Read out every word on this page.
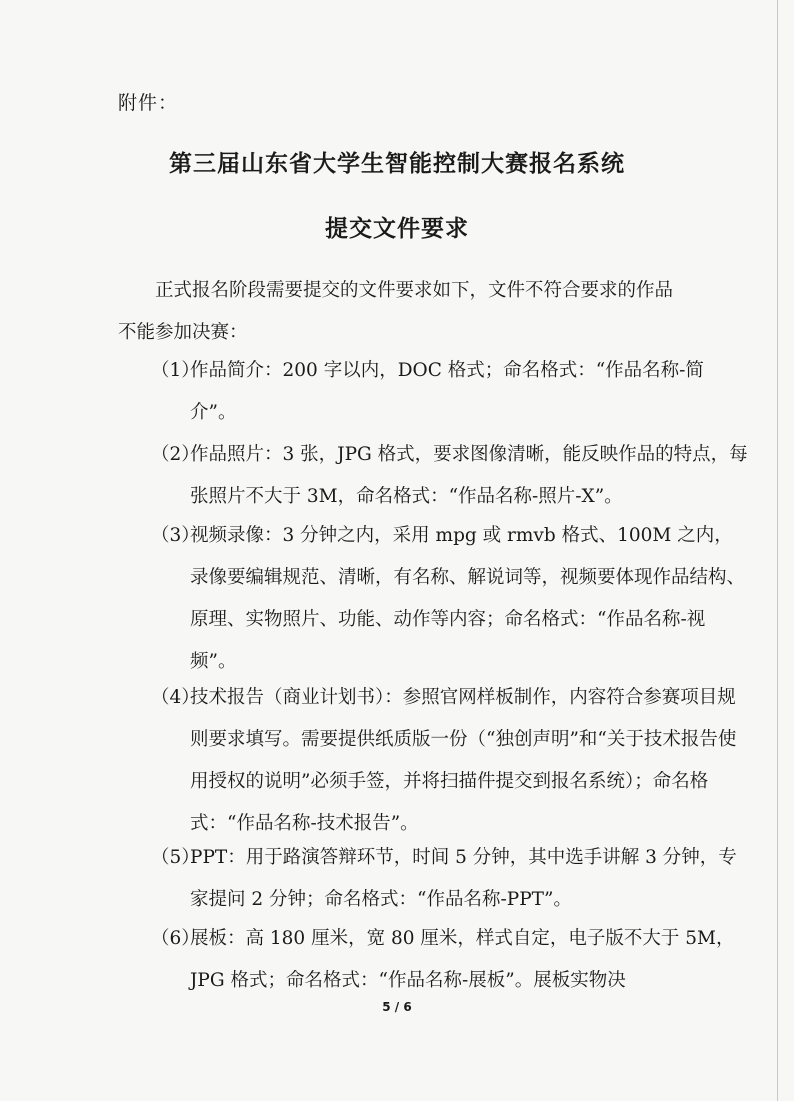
附件：
第三届山东省大学生智能控制大赛报名系统
提交文件要求
正式报名阶段需要提交的文件要求如下，文件不符合要求的作品不能参加决赛：
（1）
作品简介：200 字以内，DOC 格式；命名格式：“作品名称-简介”。
（2）
作品照片：3 张，JPG 格式，要求图像清晰，能反映作品的特点，每张照片不大于 3M，命名格式：“作品名称-照片-X”。
（3）
视频录像：3 分钟之内，采用 mpg 或 rmvb 格式、100M 之内，录像要编辑规范、清晰，有名称、解说词等，视频要体现作品结构、原理、实物照片、功能、动作等内容；命名格式：“作品名称-视频”。
（4）
技术报告（商业计划书）：参照官网样板制作，内容符合参赛项目规则要求填写。需要提供纸质版一份（“独创声明”和“关于技术报告使用授权的说明”必须手签，并将扫描件提交到报名系统）；命名格式：“作品名称-技术报告”。
（5）
PPT：用于路演答辩环节，时间 5 分钟，其中选手讲解 3 分钟，专家提问 2 分钟；命名格式：“作品名称-PPT”。
（6）
展板：高 180 厘米，宽 80 厘米，样式自定，电子版不大于 5M，JPG 格式；命名格式：“作品名称-展板”。展板实物决
5 / 6
